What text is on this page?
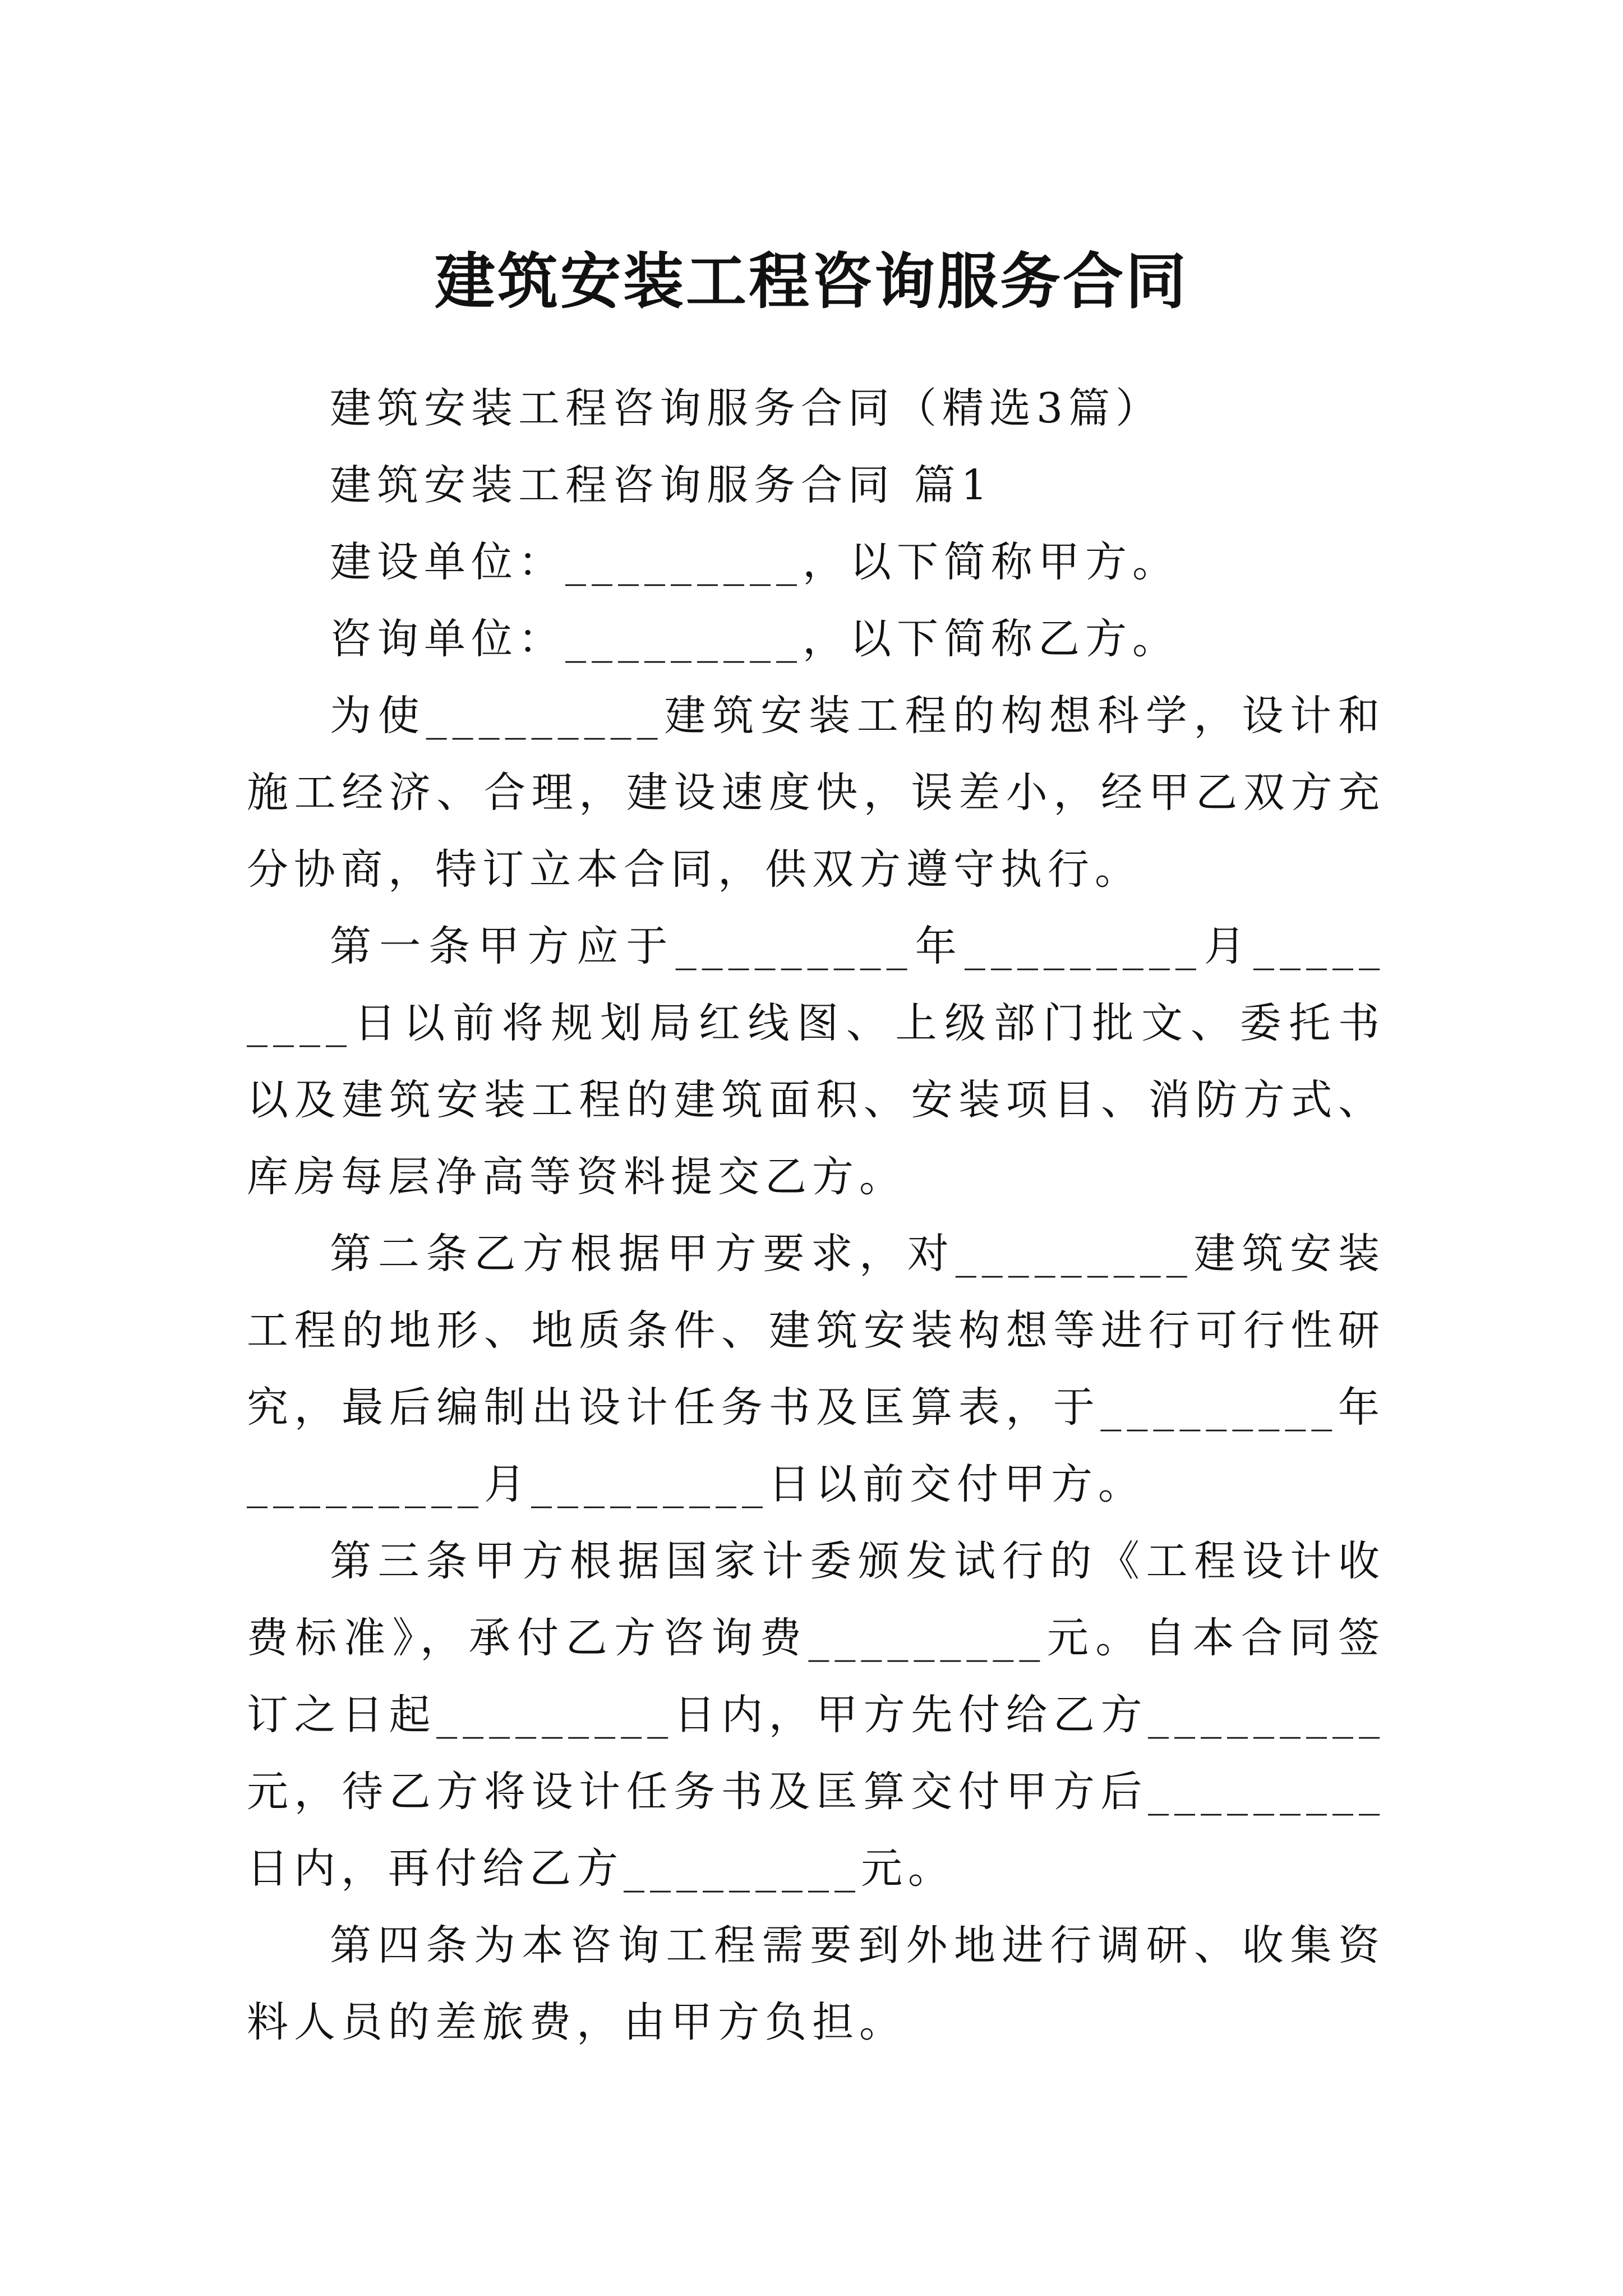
建筑安装工程咨询服务合同

建筑安装工程咨询服务合同（精选3篇）

建筑安装工程咨询服务合同 篇1

建设单位：_________，以下简称甲方。

咨询单位：_________，以下简称乙方。

为使_________建筑安装工程的构想科学，设计和施工经济、合理，建设速度快，误差小，经甲乙双方充分协商，特订立本合同，供双方遵守执行。

第一条甲方应于_________年_________月_________日以前将规划局红线图、上级部门批文、委托书以及建筑安装工程的建筑面积、安装项目、消防方式、库房每层净高等资料提交乙方。

第二条乙方根据甲方要求，对_________建筑安装工程的地形、地质条件、建筑安装构想等进行可行性研究，最后编制出设计任务书及匡算表，于_________年_________月_________日以前交付甲方。

第三条甲方根据国家计委颁发试行的《工程设计收费标准》，承付乙方咨询费_________元。自本合同签订之日起_________日内，甲方先付给乙方_________元，待乙方将设计任务书及匡算交付甲方后_________日内，再付给乙方_________元。

第四条为本咨询工程需要到外地进行调研、收集资料人员的差旅费，由甲方负担。
